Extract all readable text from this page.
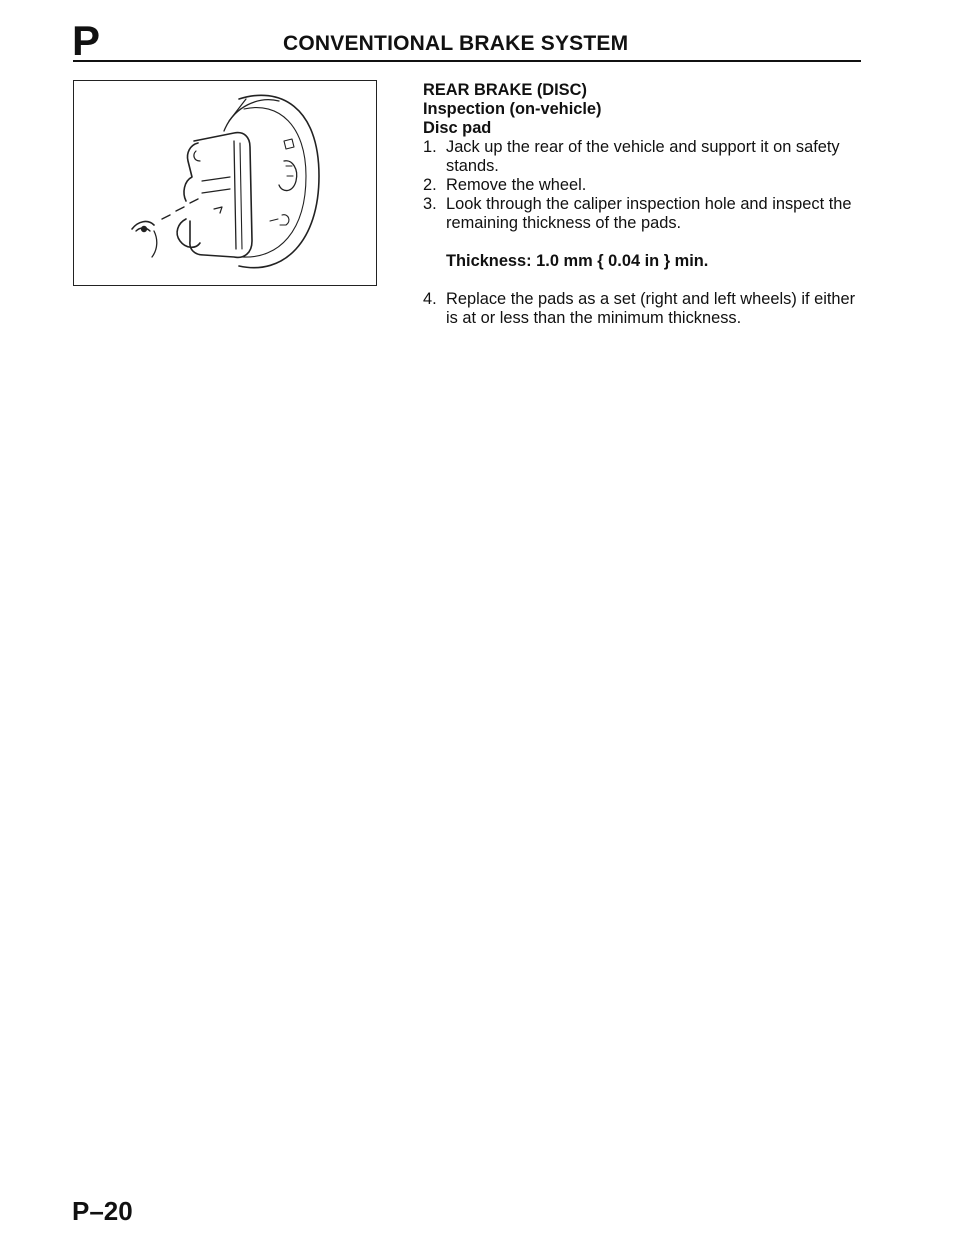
P	CONVENTIONAL BRAKE SYSTEM
REAR BRAKE (DISC)
Inspection (on-vehicle)
Disc pad
1. Jack up the rear of the vehicle and support it on safety stands.
2. Remove the wheel.
3. Look through the caliper inspection hole and inspect the remaining thickness of the pads.
Thickness: 1.0 mm { 0.04 in } min.
4. Replace the pads as a set (right and left wheels) if either is at or less than the minimum thickness.
P–20
